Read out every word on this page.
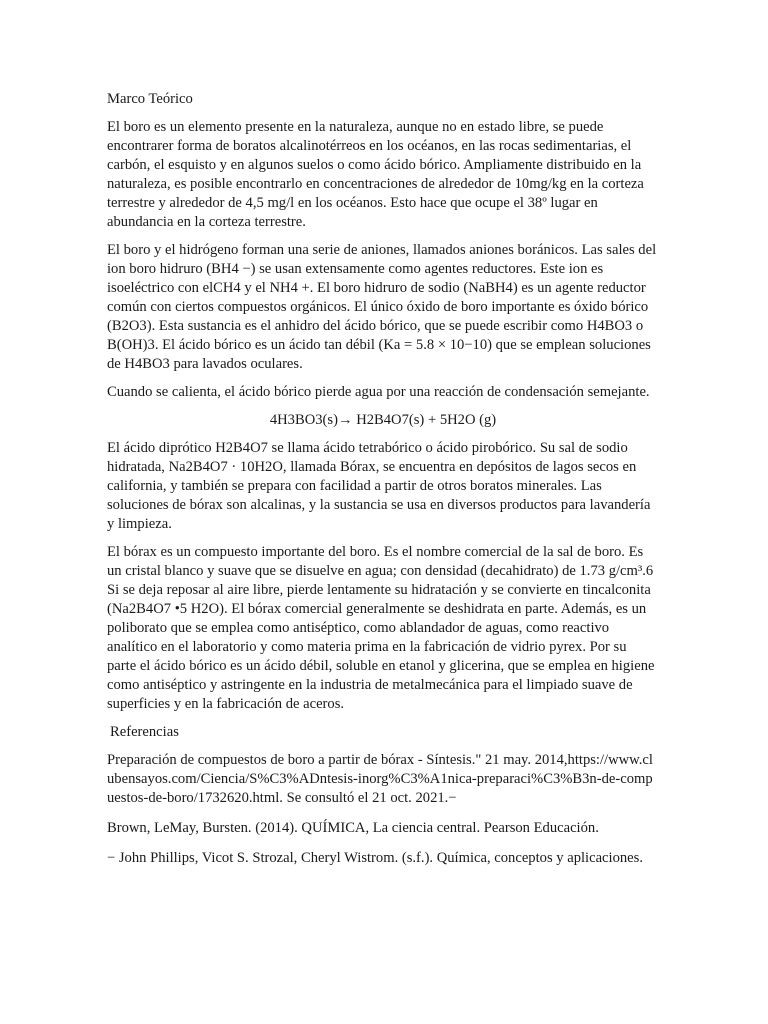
Marco Teórico

El boro es un elemento presente en la naturaleza, aunque no en estado libre, se puede encontrarer forma de boratos alcalinotérreos en los océanos, en las rocas sedimentarias, el carbón, el esquisto y en algunos suelos o como ácido bórico. Ampliamente distribuido en la naturaleza, es posible encontrarlo en concentraciones de alrededor de 10mg/kg en la corteza terrestre y alrededor de 4,5 mg/l en los océanos. Esto hace que ocupe el 38º lugar en abundancia en la corteza terrestre.

El boro y el hidrógeno forman una serie de aniones, llamados aniones boránicos. Las sales del ion boro hidruro (BH4 −) se usan extensamente como agentes reductores. Este ion es isoeléctrico con elCH4 y el NH4 +. El boro hidruro de sodio (NaBH4) es un agente reductor común con ciertos compuestos orgánicos. El único óxido de boro importante es óxido bórico (B2O3). Esta sustancia es el anhidro del ácido bórico, que se puede escribir como H4BO3 o B(OH)3. El ácido bórico es un ácido tan débil (Ka = 5.8 × 10−10) que se emplean soluciones de H4BO3 para lavados oculares.

Cuando se calienta, el ácido bórico pierde agua por una reacción de condensación semejante.

4H3BO3(s)→ H2B4O7(s) + 5H2O (g)

El ácido diprótico H2B4O7 se llama ácido tetrabórico o ácido pirobórico. Su sal de sodio hidratada, Na2B4O7 · 10H2O, llamada Bórax, se encuentra en depósitos de lagos secos en california, y también se prepara con facilidad a partir de otros boratos minerales. Las soluciones de bórax son alcalinas, y la sustancia se usa en diversos productos para lavandería y limpieza.

El bórax es un compuesto importante del boro. Es el nombre comercial de la sal de boro. Es un cristal blanco y suave que se disuelve en agua; con densidad (decahidrato) de 1.73 g/cm³.6 Si se deja reposar al aire libre, pierde lentamente su hidratación y se convierte en tincalconita (Na2B4O7 •5 H2O). El bórax comercial generalmente se deshidrata en parte. Además, es un poliborato que se emplea como antiséptico, como ablandador de aguas, como reactivo analítico en el laboratorio y como materia prima en la fabricación de vidrio pyrex. Por su parte el ácido bórico es un ácido débil, soluble en etanol y glicerina, que se emplea en higiene como antiséptico y astringente en la industria de metalmecánica para el limpiado suave de superficies y en la fabricación de aceros.

Referencias

Preparación de compuestos de boro a partir de bórax - Síntesis." 21 may. 2014,https://www.clubensayos.com/Ciencia/S%C3%ADntesis-inorg%C3%A1nica-preparaci%C3%B3n-de-compuestos-de-boro/1732620.html. Se consultó el 21 oct. 2021.−

Brown, LeMay, Bursten. (2014). QUÍMICA, La ciencia central. Pearson Educación.

− John Phillips, Vicot S. Strozal, Cheryl Wistrom. (s.f.). Química, conceptos y aplicaciones.
